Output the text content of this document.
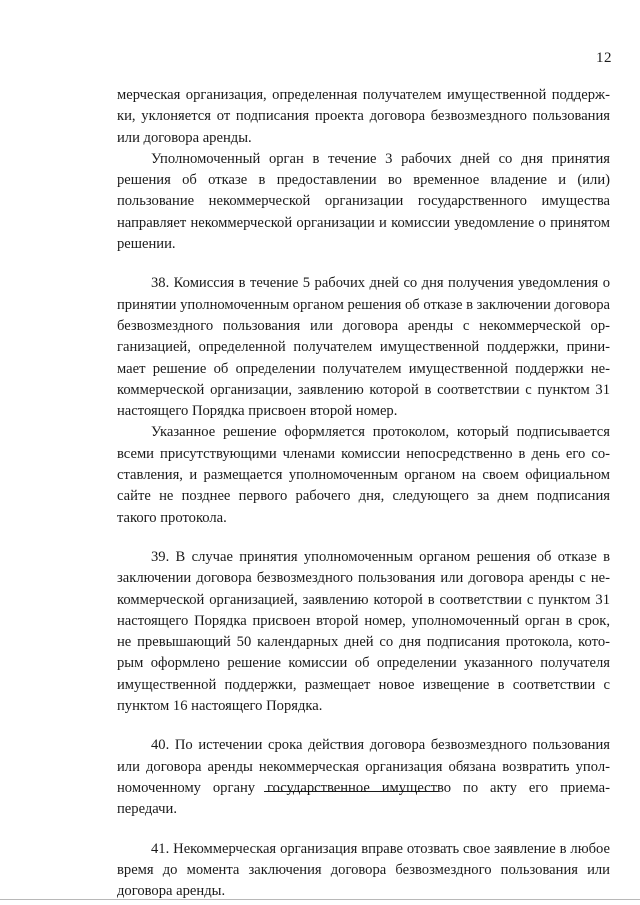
12

мерческая организация, определенная получателем имущественной поддержки, уклоняется от подписания проекта договора безвозмездного пользования или договора аренды.

Уполномоченный орган в течение 3 рабочих дней со дня принятия решения об отказе в предоставлении во временное владение и (или) пользование некоммерческой организации государственного имущества направляет некоммерческой организации и комиссии уведомление о принятом решении.

38. Комиссия в течение 5 рабочих дней со дня получения уведомления о принятии уполномоченным органом решения об отказе в заключении договора безвозмездного пользования или договора аренды с некоммерческой организацией, определенной получателем имущественной поддержки, принимает решение об определении получателем имущественной поддержки некоммерческой организации, заявлению которой в соответствии с пунктом 31 настоящего Порядка присвоен второй номер.

Указанное решение оформляется протоколом, который подписывается всеми присутствующими членами комиссии непосредственно в день его составления, и размещается уполномоченным органом на своем официальном сайте не позднее первого рабочего дня, следующего за днем подписания такого протокола.

39. В случае принятия уполномоченным органом решения об отказе в заключении договора безвозмездного пользования или договора аренды с некоммерческой организацией, заявлению которой в соответствии с пунктом 31 настоящего Порядка присвоен второй номер, уполномоченный орган в срок, не превышающий 50 календарных дней со дня подписания протокола, которым оформлено решение комиссии об определении указанного получателя имущественной поддержки, размещает новое извещение в соответствии с пунктом 16 настоящего Порядка.

40. По истечении срока действия договора безвозмездного пользования или договора аренды некоммерческая организация обязана возвратить уполномоченному органу государственное имущество по акту его приема-передачи.

41. Некоммерческая организация вправе отозвать свое заявление в любое время до момента заключения договора безвозмездного пользования или договора аренды.
